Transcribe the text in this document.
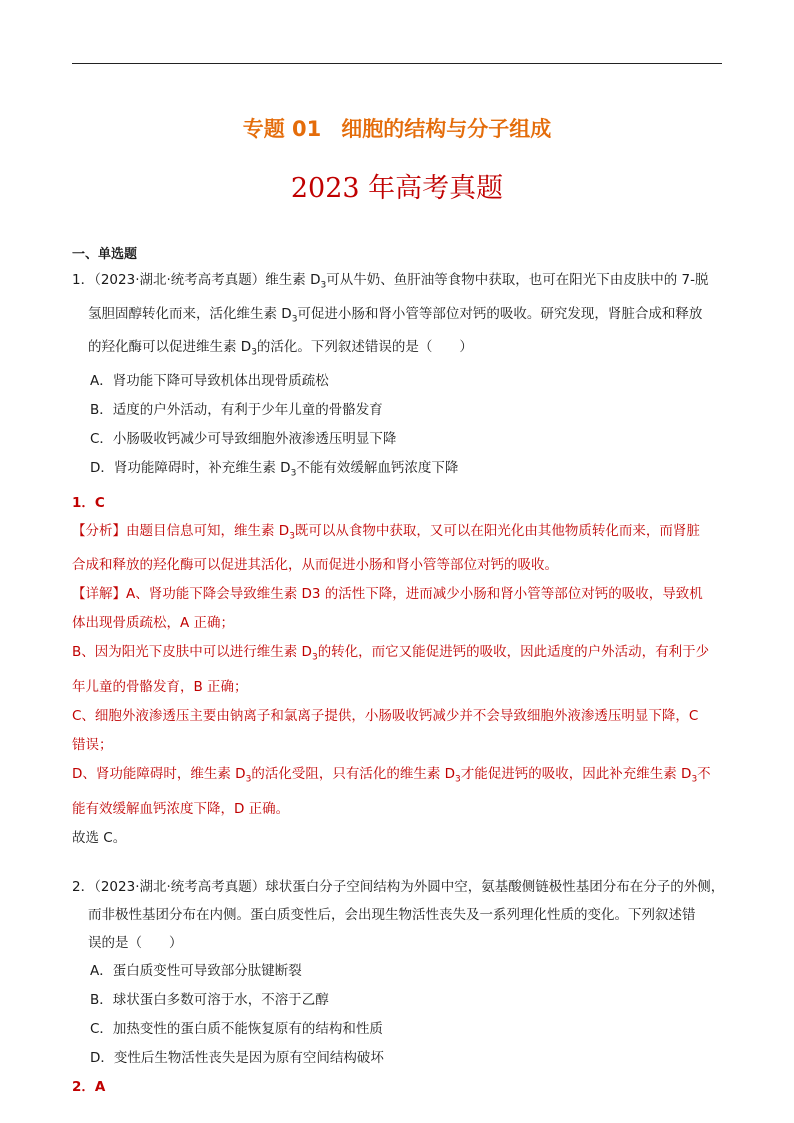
专题 01 细胞的结构与分子组成
2023 年高考真题
一、单选题
1．（2023·湖北·统考高考真题）维生素 $D_3$可从牛奶、鱼肝油等食物中获取，也可在阳光下由皮肤中的 7-脱
氢胆固醇转化而来，活化维生素 $D_3$可促进小肠和肾小管等部位对钙的吸收。研究发现，肾脏合成和释放
的羟化酶可以促进维生素 $D_3$的活化。下列叙述错误的是（　　）
A．肾功能下降可导致机体出现骨质疏松
B．适度的户外活动，有利于少年儿童的骨骼发育
C．小肠吸收钙减少可导致细胞外液渗透压明显下降
D．肾功能障碍时，补充维生素 $D_3$不能有效缓解血钙浓度下降
1．C
【分析】由题目信息可知，维生素 $D_3$既可以从食物中获取，又可以在阳光化由其他物质转化而来，而肾脏
合成和释放的羟化酶可以促进其活化，从而促进小肠和肾小管等部位对钙的吸收。
【详解】A、肾功能下降会导致维生素 D3 的活性下降，进而减少小肠和肾小管等部位对钙的吸收，导致机
体出现骨质疏松，A 正确；
B、因为阳光下皮肤中可以进行维生素 $D_3$的转化，而它又能促进钙的吸收，因此适度的户外活动，有利于少
年儿童的骨骼发育，B 正确；
C、细胞外液渗透压主要由钠离子和氯离子提供，小肠吸收钙减少并不会导致细胞外液渗透压明显下降，C
错误；
D、肾功能障碍时，维生素 $D_3$的活化受阻，只有活化的维生素 $D_3$才能促进钙的吸收，因此补充维生素 $D_3$不
能有效缓解血钙浓度下降，D 正确。
故选 C。
2．（2023·湖北·统考高考真题）球状蛋白分子空间结构为外圆中空，氨基酸侧链极性基团分布在分子的外侧，
而非极性基团分布在内侧。蛋白质变性后，会出现生物活性丧失及一系列理化性质的变化。下列叙述错
误的是（　　）
A．蛋白质变性可导致部分肽键断裂
B．球状蛋白多数可溶于水，不溶于乙醇
C．加热变性的蛋白质不能恢复原有的结构和性质
D．变性后生物活性丧失是因为原有空间结构破坏
2．A
